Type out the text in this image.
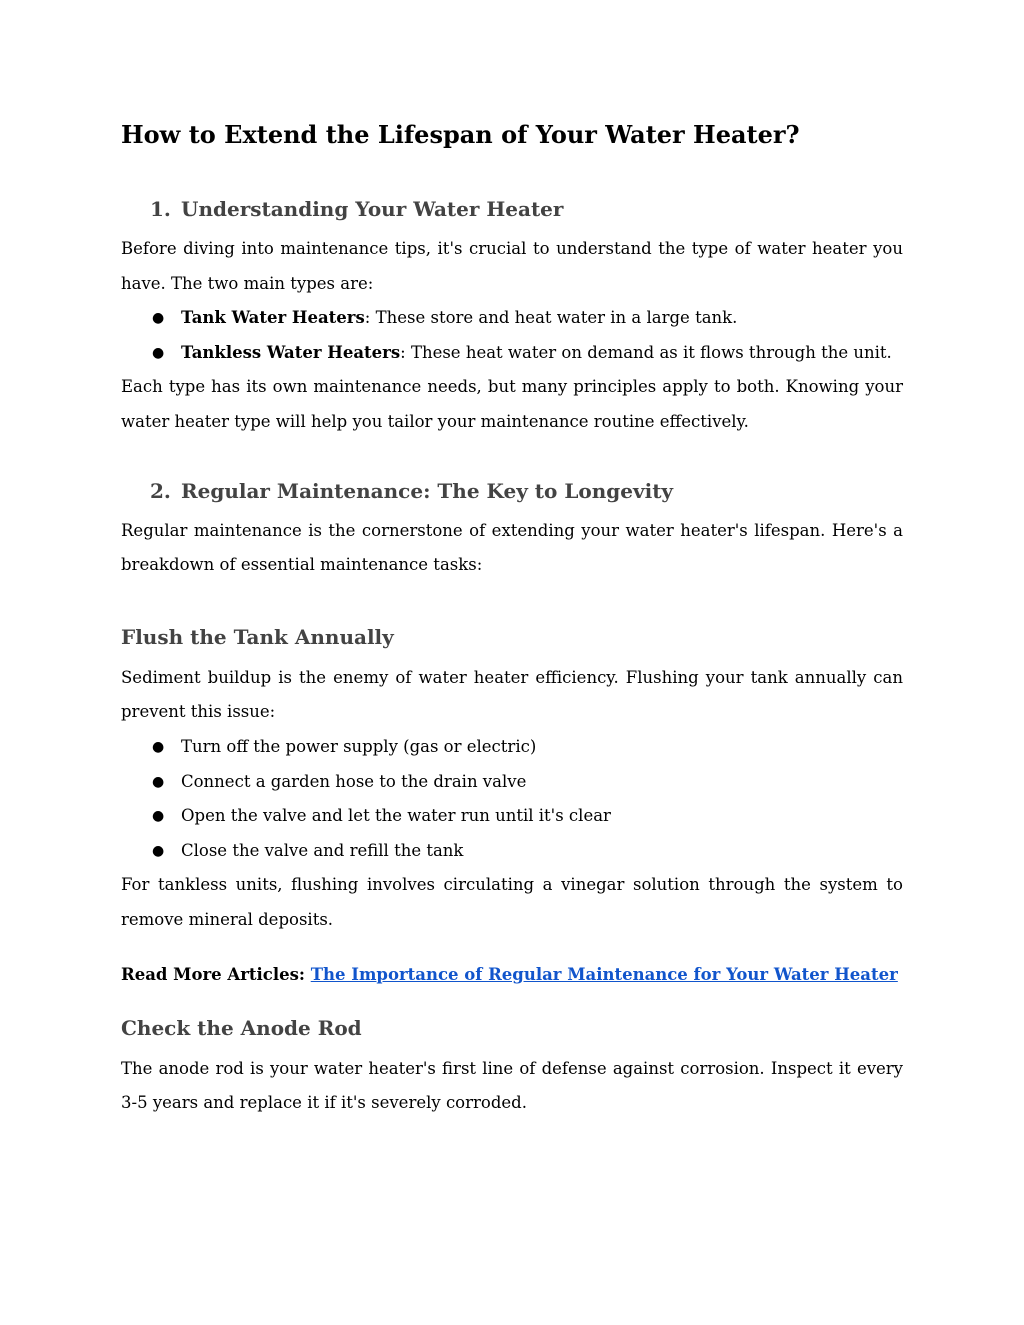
How to Extend the Lifespan of Your Water Heater?
1. Understanding Your Water Heater

Before diving into maintenance tips, it's crucial to understand the type of water heater you have. The two main types are:

● Tank Water Heaters: These store and heat water in a large tank.
● Tankless Water Heaters: These heat water on demand as it flows through the unit.

Each type has its own maintenance needs, but many principles apply to both. Knowing your water heater type will help you tailor your maintenance routine effectively.

2. Regular Maintenance: The Key to Longevity

Regular maintenance is the cornerstone of extending your water heater's lifespan. Here's a breakdown of essential maintenance tasks:

Flush the Tank Annually

Sediment buildup is the enemy of water heater efficiency. Flushing your tank annually can prevent this issue:

● Turn off the power supply (gas or electric)
● Connect a garden hose to the drain valve
● Open the valve and let the water run until it's clear
● Close the valve and refill the tank

For tankless units, flushing involves circulating a vinegar solution through the system to remove mineral deposits.

Read More Articles: The Importance of Regular Maintenance for Your Water Heater
Check the Anode Rod

The anode rod is your water heater's first line of defense against corrosion. Inspect it every 3-5 years and replace it if it's severely corroded.
